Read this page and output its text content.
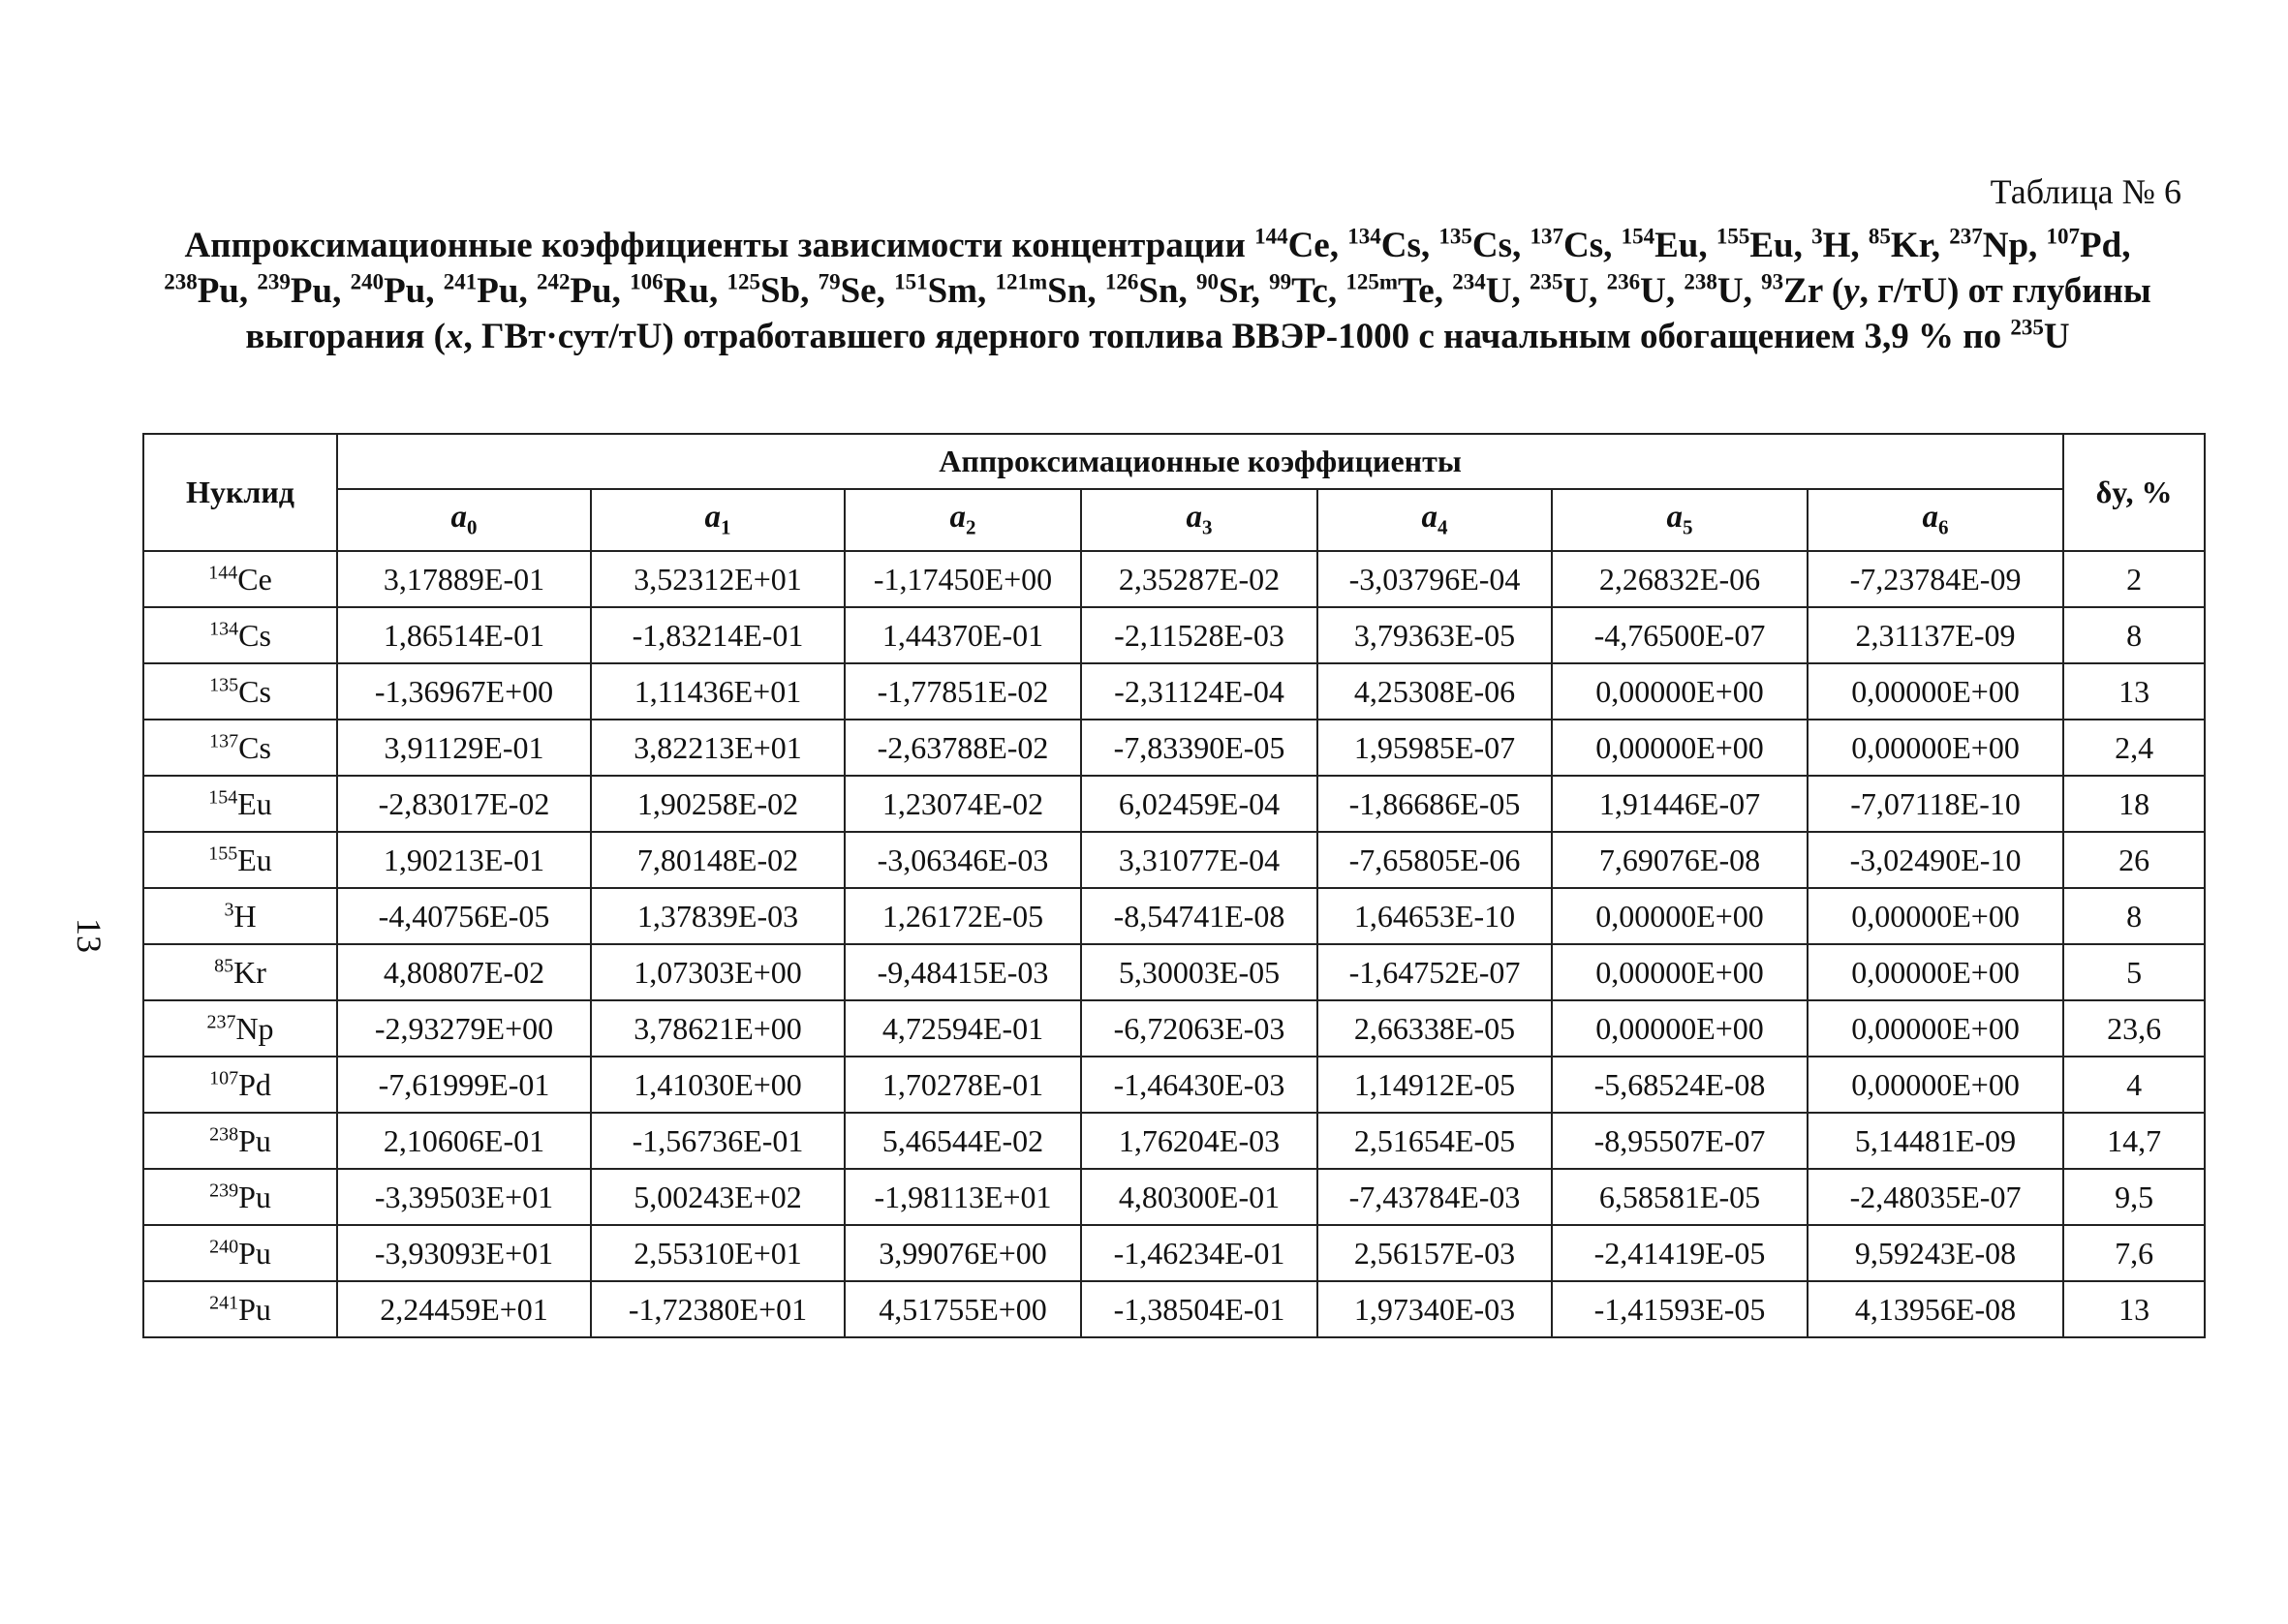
13
Таблица № 6
Аппроксимационные коэффициенты зависимости концентрации $^{144}$Ce, $^{134}$Cs, $^{135}$Cs, $^{137}$Cs, $^{154}$Eu, $^{155}$Eu, $^3$H, $^{85}$Kr, $^{237}$Np, $^{107}$Pd, $^{238}$Pu, $^{239}$Pu, $^{240}$Pu, $^{241}$Pu, $^{242}$Pu, $^{106}$Ru, $^{125}$Sb, $^{79}$Se, $^{151}$Sm, $^{121m}$Sn, $^{126}$Sn, $^{90}$Sr, $^{99}$Tc, $^{125m}$Te, $^{234}$U, $^{235}$U, $^{236}$U, $^{238}$U, $^{93}$Zr (y, г/тU) от глубины выгорания (x, ГВт·сут/тU) отработавшего ядерного топлива ВВЭР-1000 с начальным обогащением 3,9 % по $^{235}$U
Нуклид	Аппроксимационные коэффициенты							δy, %
	$a_0$	$a_1$	$a_2$	$a_3$	$a_4$	$a_5$	$a_6$
$^{144}$Ce	3,17889E-01	3,52312E+01	-1,17450E+00	2,35287E-02	-3,03796E-04	2,26832E-06	-7,23784E-09	2
$^{134}$Cs	1,86514E-01	-1,83214E-01	1,44370E-01	-2,11528E-03	3,79363E-05	-4,76500E-07	2,31137E-09	8
$^{135}$Cs	-1,36967E+00	1,11436E+01	-1,77851E-02	-2,31124E-04	4,25308E-06	0,00000E+00	0,00000E+00	13
$^{137}$Cs	3,91129E-01	3,82213E+01	-2,63788E-02	-7,83390E-05	1,95985E-07	0,00000E+00	0,00000E+00	2,4
$^{154}$Eu	-2,83017E-02	1,90258E-02	1,23074E-02	6,02459E-04	-1,86686E-05	1,91446E-07	-7,07118E-10	18
$^{155}$Eu	1,90213E-01	7,80148E-02	-3,06346E-03	3,31077E-04	-7,65805E-06	7,69076E-08	-3,02490E-10	26
$^3$H	-4,40756E-05	1,37839E-03	1,26172E-05	-8,54741E-08	1,64653E-10	0,00000E+00	0,00000E+00	8
$^{85}$Kr	4,80807E-02	1,07303E+00	-9,48415E-03	5,30003E-05	-1,64752E-07	0,00000E+00	0,00000E+00	5
$^{237}$Np	-2,93279E+00	3,78621E+00	4,72594E-01	-6,72063E-03	2,66338E-05	0,00000E+00	0,00000E+00	23,6
$^{107}$Pd	-7,61999E-01	1,41030E+00	1,70278E-01	-1,46430E-03	1,14912E-05	-5,68524E-08	0,00000E+00	4
$^{238}$Pu	2,10606E-01	-1,56736E-01	5,46544E-02	1,76204E-03	2,51654E-05	-8,95507E-07	5,14481E-09	14,7
$^{239}$Pu	-3,39503E+01	5,00243E+02	-1,98113E+01	4,80300E-01	-7,43784E-03	6,58581E-05	-2,48035E-07	9,5
$^{240}$Pu	-3,93093E+01	2,55310E+01	3,99076E+00	-1,46234E-01	2,56157E-03	-2,41419E-05	9,59243E-08	7,6
$^{241}$Pu	2,24459E+01	-1,72380E+01	4,51755E+00	-1,38504E-01	1,97340E-03	-1,41593E-05	4,13956E-08	13
